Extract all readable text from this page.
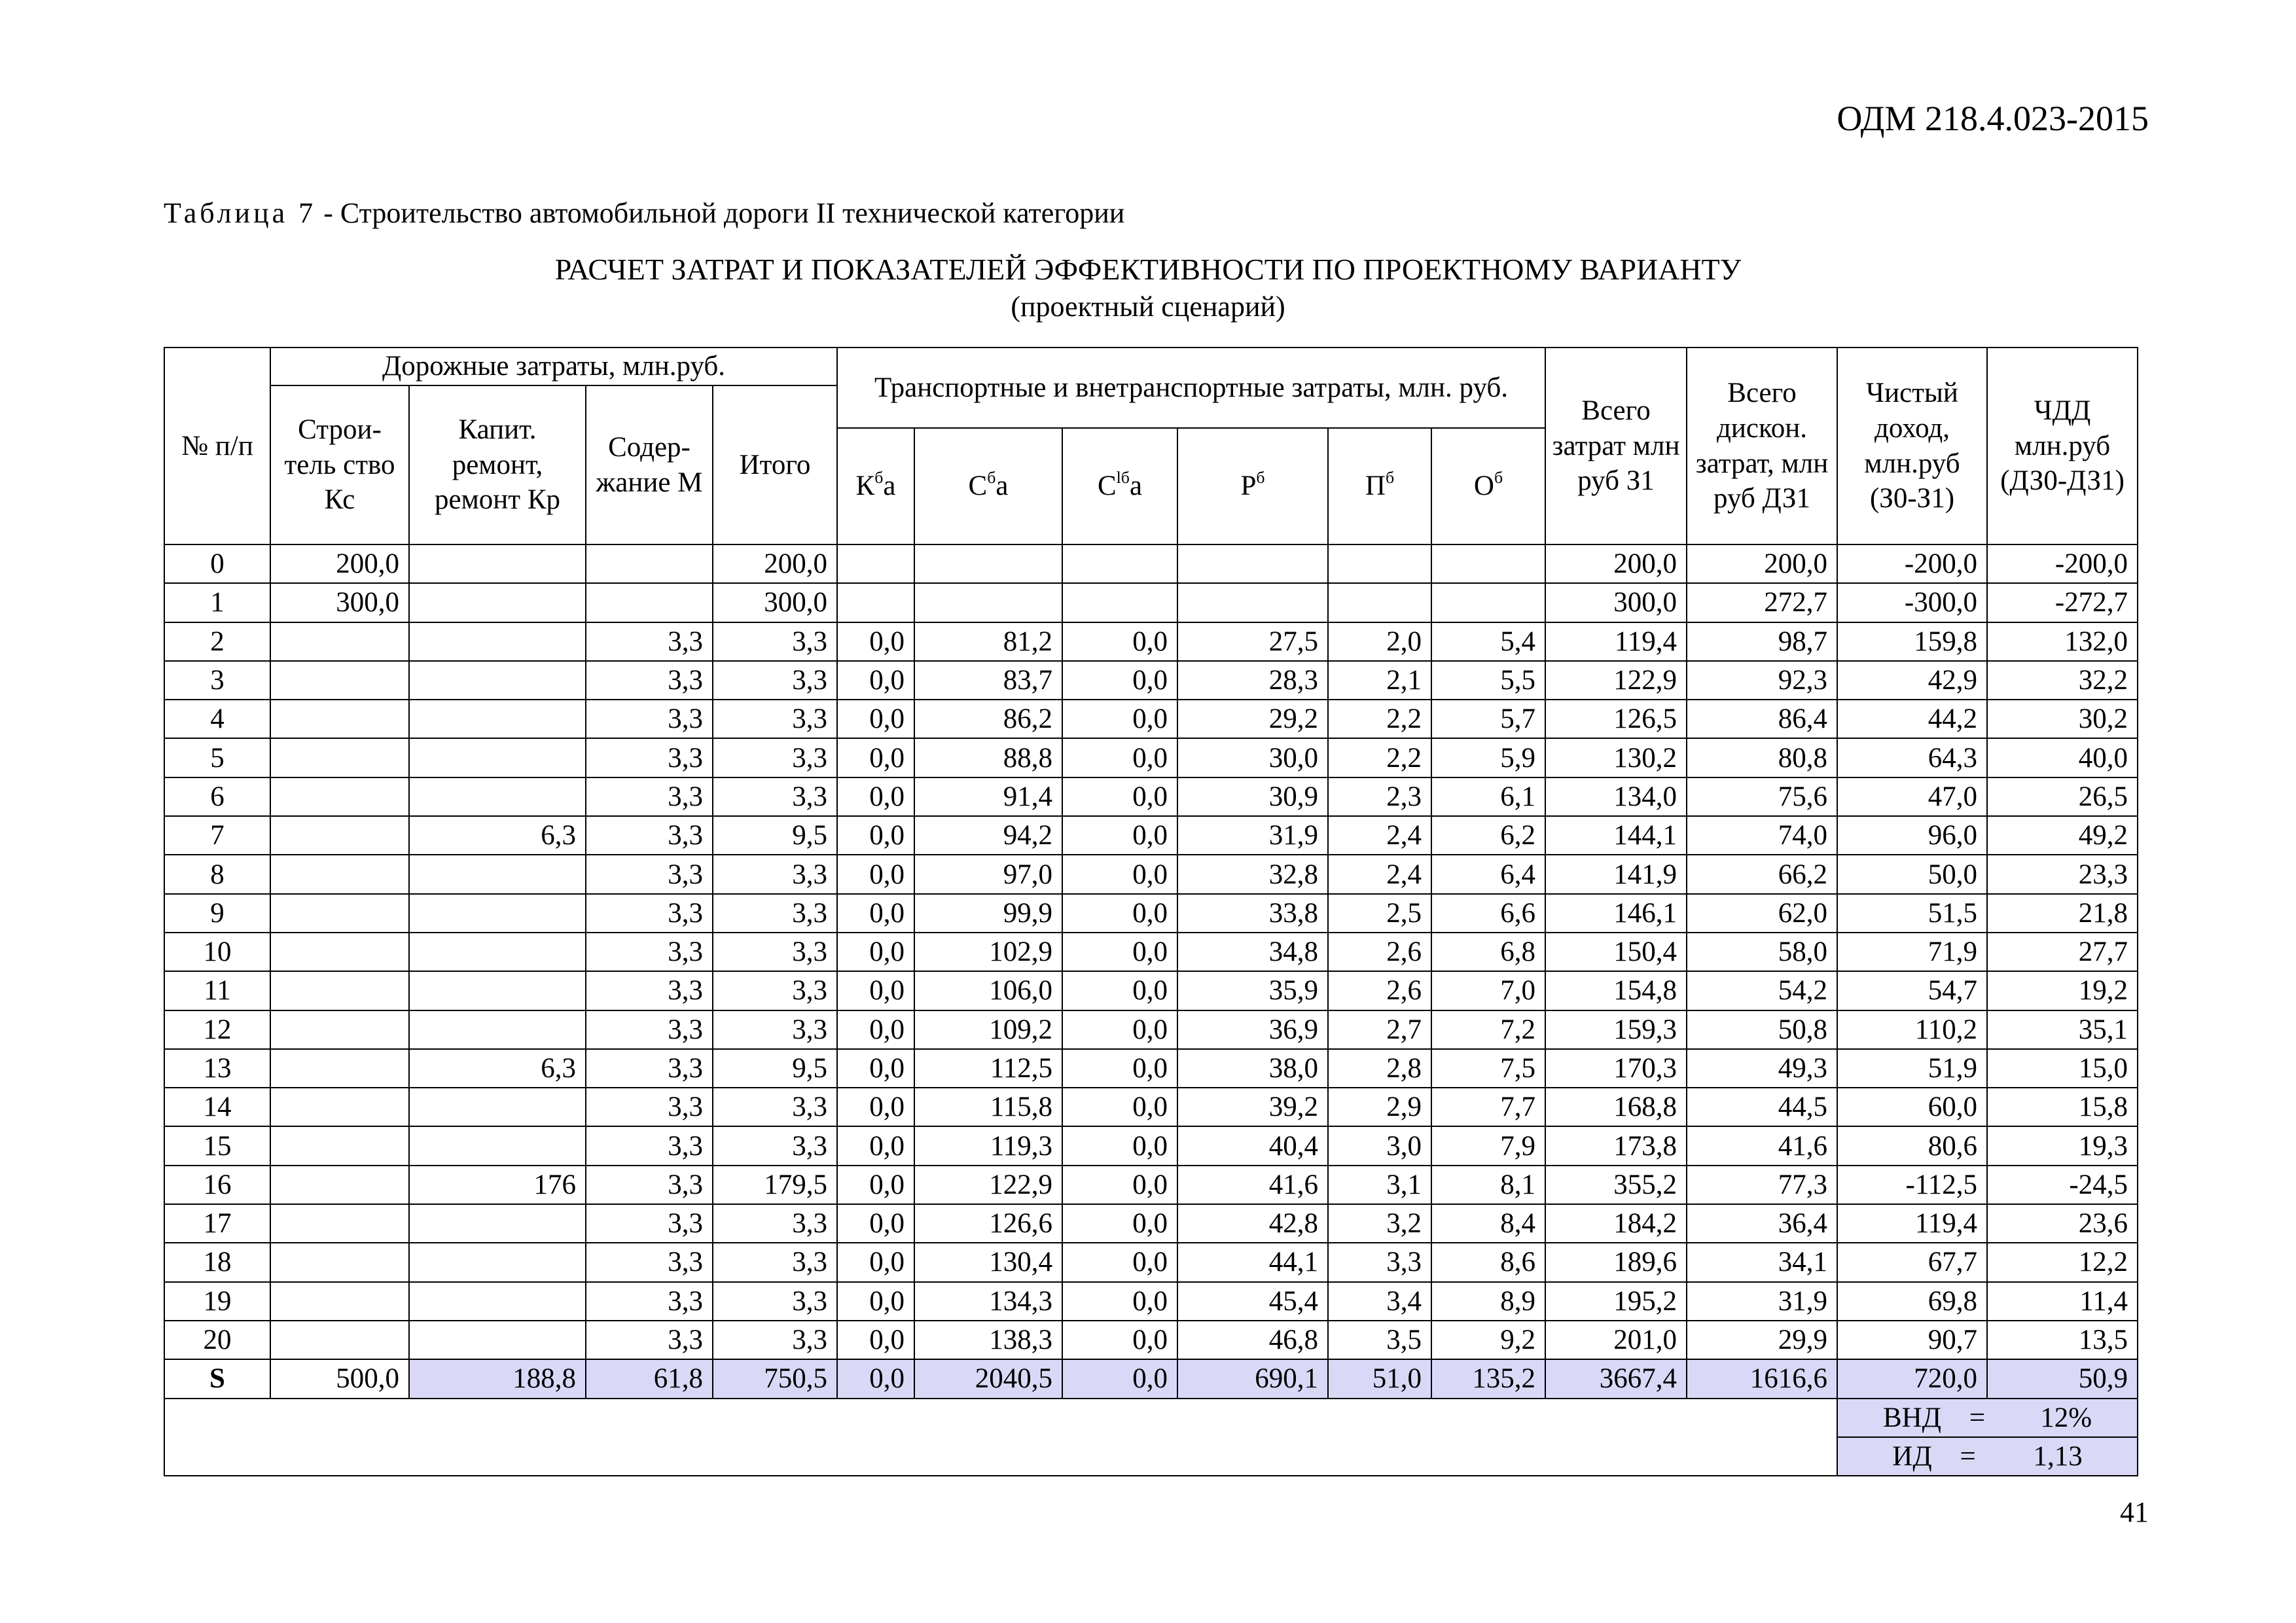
ОДМ 218.4.023-2015
Таблица 7 - Строительство автомобильной дороги II технической категории
РАСЧЕТ ЗАТРАТ И ПОКАЗАТЕЛЕЙ ЭФФЕКТИВНОСТИ ПО ПРОЕКТНОМУ ВАРИАНТУ
(проектный сценарий)
№ п/п	Дорожные затраты, млн.руб.				Транспортные и внетранспортные затраты, млн. руб.						Всего затрат млн руб З1	Всего дискон. затрат, млн руб ДЗ1	Чистый доход, млн.руб (З0-З1)	ЧДД млн.руб (ДЗ0-ДЗ1)
	Строи- тель ство Кс	Капит. ремонт, ремонт Кр	Содер- жание М	Итого										
					$К^ба$	$С^ба$	$С^{lб}а$	$Р^б$	$П^б$	$О^б$
0	200,0			200,0							200,0	200,0	-200,0	-200,0
1	300,0			300,0							300,0	272,7	-300,0	-272,7
2			3,3	3,3	0,0	81,2	0,0	27,5	2,0	5,4	119,4	98,7	159,8	132,0
3			3,3	3,3	0,0	83,7	0,0	28,3	2,1	5,5	122,9	92,3	42,9	32,2
4			3,3	3,3	0,0	86,2	0,0	29,2	2,2	5,7	126,5	86,4	44,2	30,2
5			3,3	3,3	0,0	88,8	0,0	30,0	2,2	5,9	130,2	80,8	64,3	40,0
6			3,3	3,3	0,0	91,4	0,0	30,9	2,3	6,1	134,0	75,6	47,0	26,5
7		6,3	3,3	9,5	0,0	94,2	0,0	31,9	2,4	6,2	144,1	74,0	96,0	49,2
8			3,3	3,3	0,0	97,0	0,0	32,8	2,4	6,4	141,9	66,2	50,0	23,3
9			3,3	3,3	0,0	99,9	0,0	33,8	2,5	6,6	146,1	62,0	51,5	21,8
10			3,3	3,3	0,0	102,9	0,0	34,8	2,6	6,8	150,4	58,0	71,9	27,7
11			3,3	3,3	0,0	106,0	0,0	35,9	2,6	7,0	154,8	54,2	54,7	19,2
12			3,3	3,3	0,0	109,2	0,0	36,9	2,7	7,2	159,3	50,8	110,2	35,1
13		6,3	3,3	9,5	0,0	112,5	0,0	38,0	2,8	7,5	170,3	49,3	51,9	15,0
14			3,3	3,3	0,0	115,8	0,0	39,2	2,9	7,7	168,8	44,5	60,0	15,8
15			3,3	3,3	0,0	119,3	0,0	40,4	3,0	7,9	173,8	41,6	80,6	19,3
16		176	3,3	179,5	0,0	122,9	0,0	41,6	3,1	8,1	355,2	77,3	-112,5	-24,5
17			3,3	3,3	0,0	126,6	0,0	42,8	3,2	8,4	184,2	36,4	119,4	23,6
18			3,3	3,3	0,0	130,4	0,0	44,1	3,3	8,6	189,6	34,1	67,7	12,2
19			3,3	3,3	0,0	134,3	0,0	45,4	3,4	8,9	195,2	31,9	69,8	11,4
20			3,3	3,3	0,0	138,3	0,0	46,8	3,5	9,2	201,0	29,9	90,7	13,5
S	500,0	188,8	61,8	750,5	0,0	2040,5	0,0	690,1	51,0	135,2	3667,4	1616,6	720,0	50,9
													ВНД = 12%	
													ИД = 1,13	
41
